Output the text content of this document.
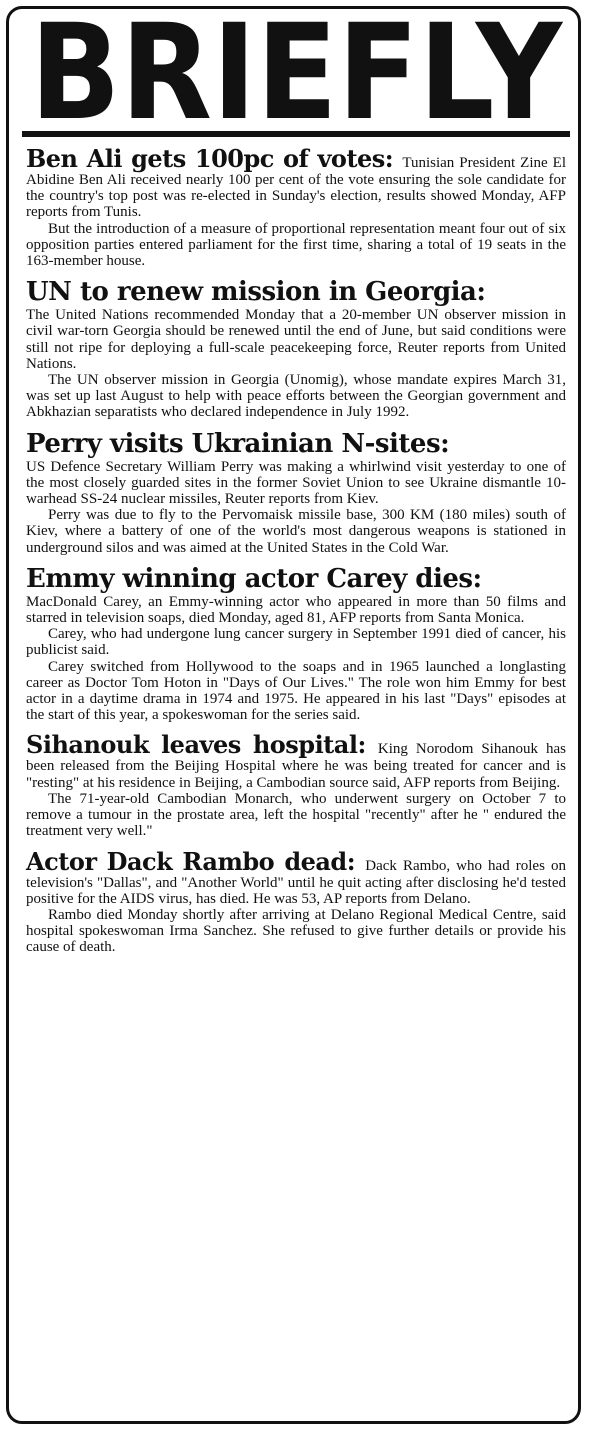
BRIEFLY
Ben Ali gets 100pc of votes: Tunisian President Zine El Abidine Ben Ali received nearly 100 per cent of the vote ensuring the sole candidate for the country's top post was re-elected in Sunday's election, results showed Monday, AFP reports from Tunis.

But the introduction of a measure of proportional representation meant four out of six opposition parties entered parliament for the first time, sharing a total of 19 seats in the 163-member house.

UN to renew mission in Georgia:

The United Nations recommended Monday that a 20-member UN observer mission in civil war-torn Georgia should be renewed until the end of June, but said conditions were still not ripe for deploying a full-scale peacekeeping force, Reuter reports from United Nations.

The UN observer mission in Georgia (Unomig), whose mandate expires March 31, was set up last August to help with peace efforts between the Georgian government and Abkhazian separatists who declared independence in July 1992.

Perry visits Ukrainian N-sites:

US Defence Secretary William Perry was making a whirlwind visit yesterday to one of the most closely guarded sites in the former Soviet Union to see Ukraine dismantle 10-warhead SS-24 nuclear missiles, Reuter reports from Kiev.

Perry was due to fly to the Pervomaisk missile base, 300 KM (180 miles) south of Kiev, where a battery of one of the world's most dangerous weapons is stationed in underground silos and was aimed at the United States in the Cold War.

Emmy winning actor Carey dies:

MacDonald Carey, an Emmy-winning actor who appeared in more than 50 films and starred in television soaps, died Monday, aged 81, AFP reports from Santa Monica.

Carey, who had undergone lung cancer surgery in September 1991 died of cancer, his publicist said.

Carey switched from Hollywood to the soaps and in 1965 launched a longlasting career as Doctor Tom Hoton in "Days of Our Lives." The role won him Emmy for best actor in a daytime drama in 1974 and 1975. He appeared in his last "Days" episodes at the start of this year, a spokeswoman for the series said.

Sihanouk leaves hospital: King Norodom Sihanouk has been released from the Beijing Hospital where he was being treated for cancer and is "resting" at his residence in Beijing, a Cambodian source said, AFP reports from Beijing.

The 71-year-old Cambodian Monarch, who underwent surgery on October 7 to remove a tumour in the prostate area, left the hospital "recently" after he " endured the treatment very well."

Actor Dack Rambo dead: Dack Rambo, who had roles on television's "Dallas", and "Another World" until he quit acting after disclosing he'd tested positive for the AIDS virus, has died. He was 53, AP reports from Delano.

Rambo died Monday shortly after arriving at Delano Regional Medical Centre, said hospital spokeswoman Irma Sanchez. She refused to give further details or provide his cause of death.
